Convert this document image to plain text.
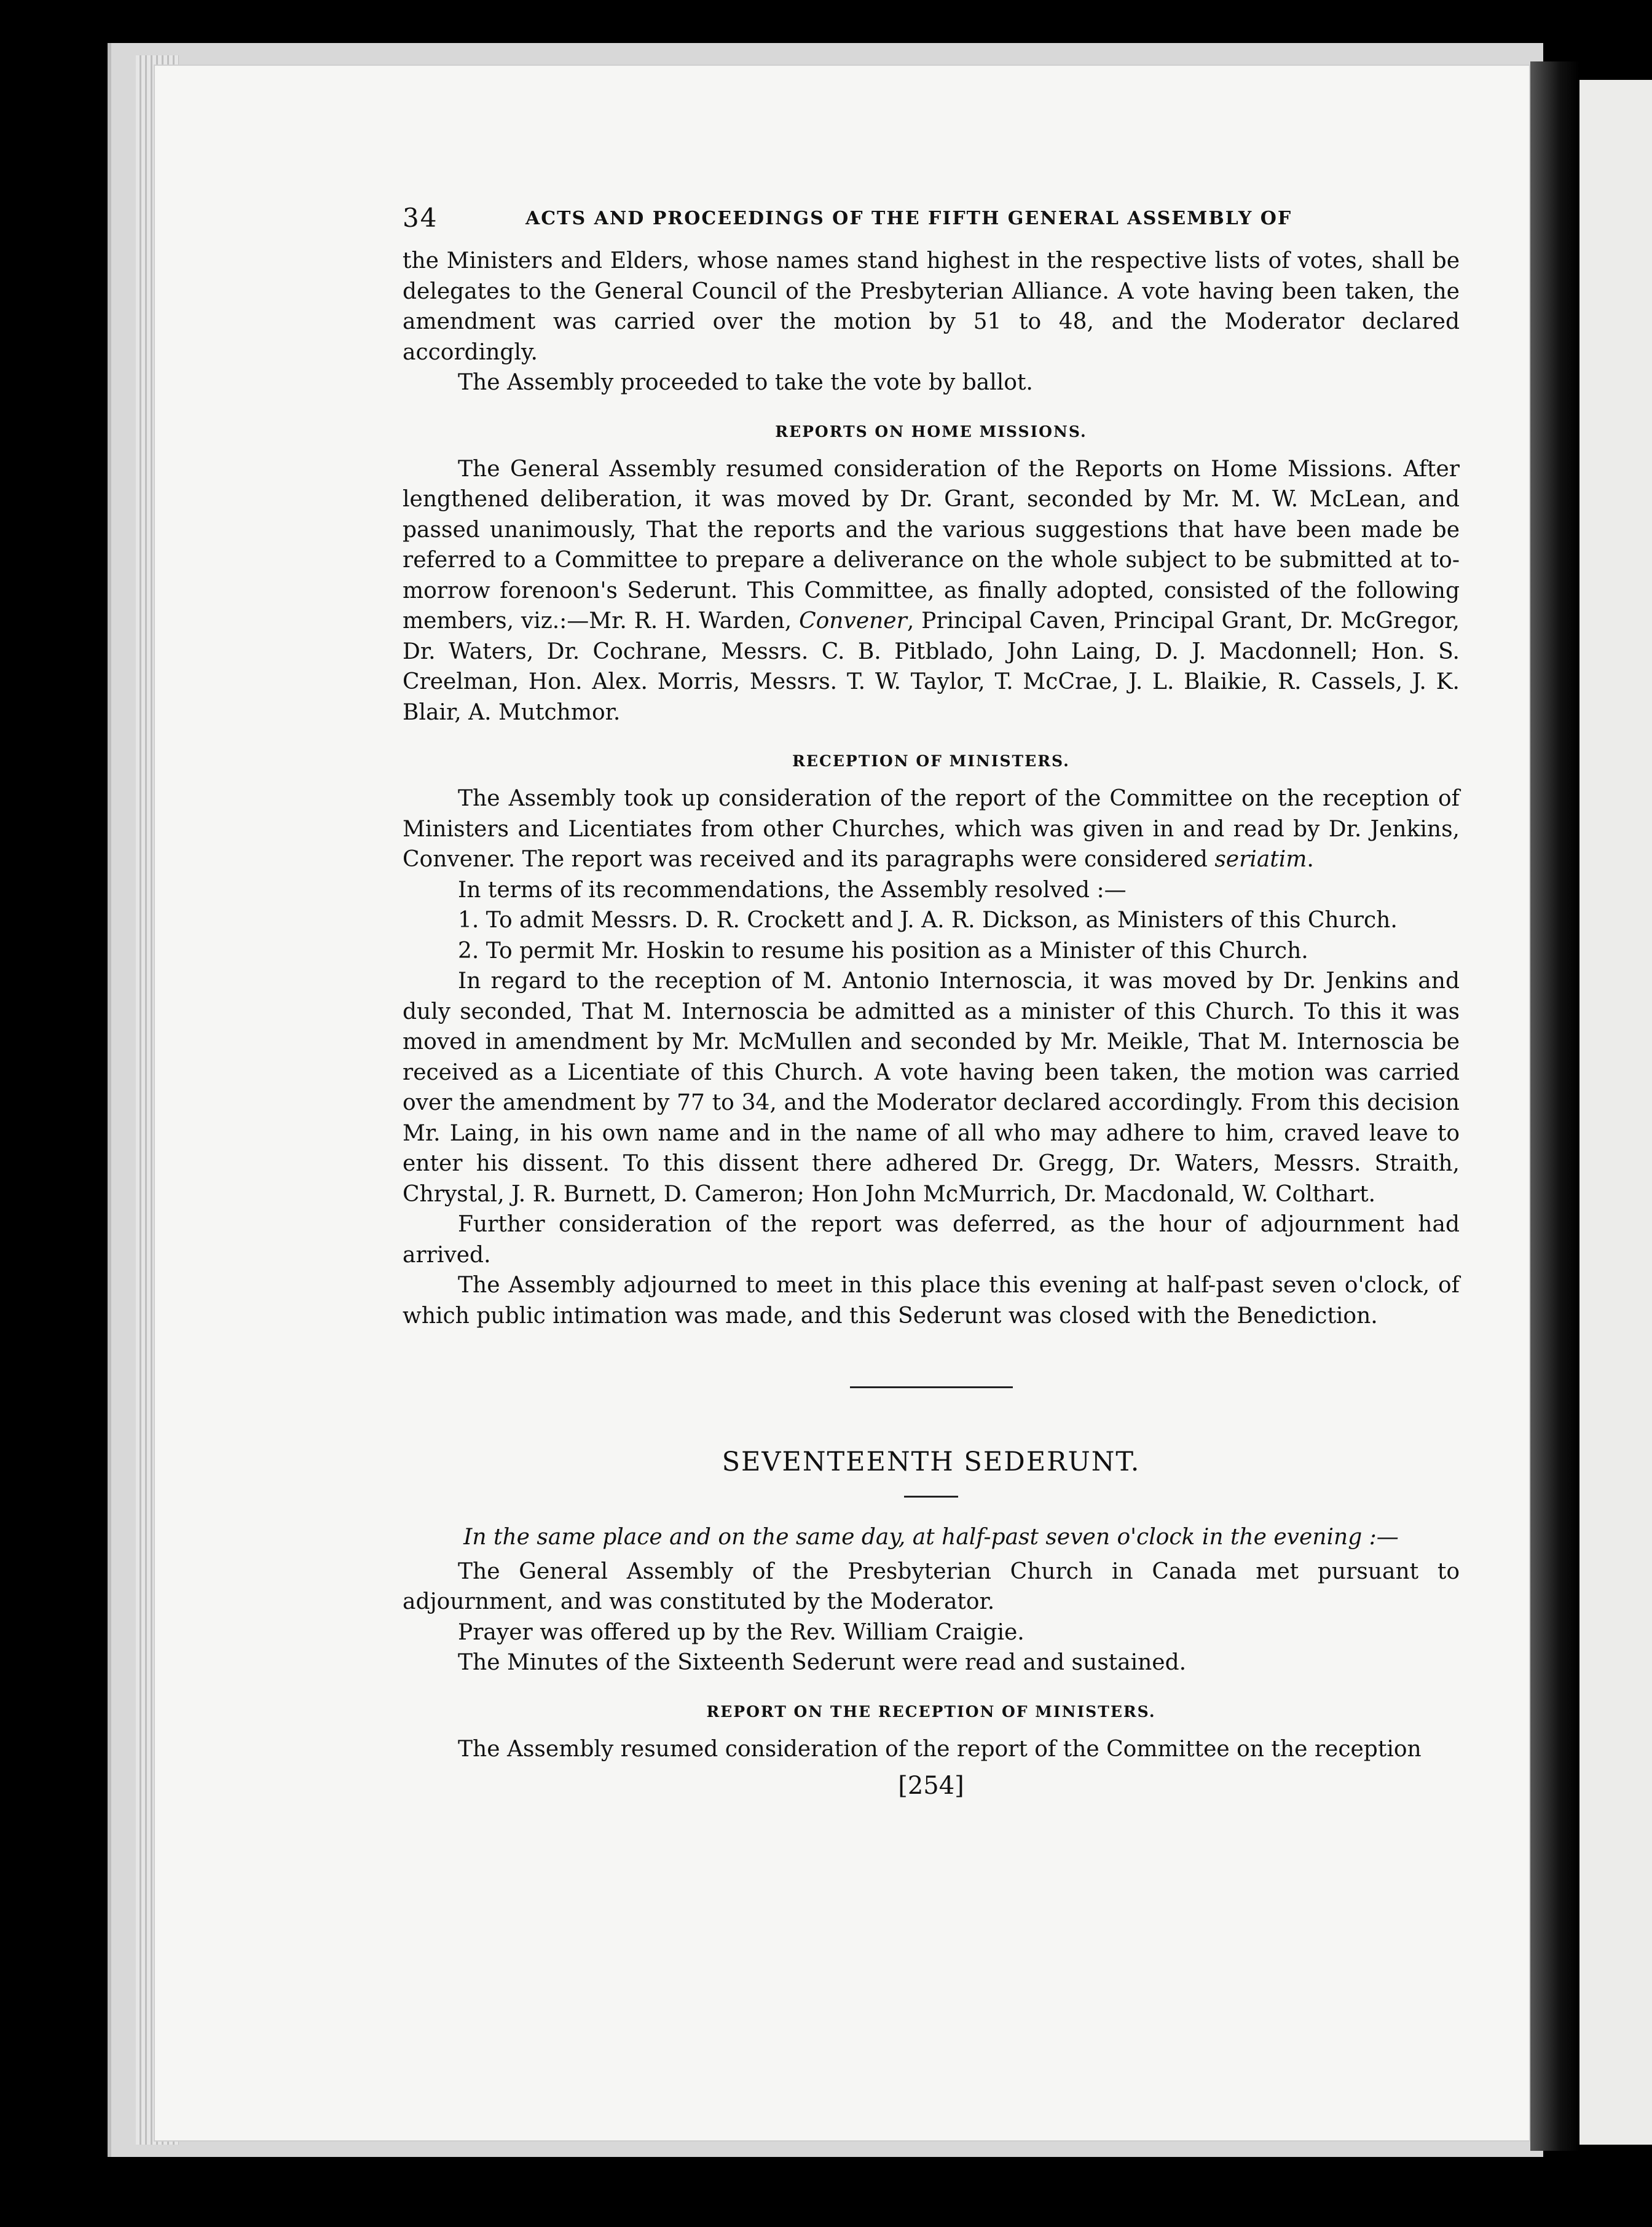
34	ACTS AND PROCEEDINGS OF THE FIFTH GENERAL ASSEMBLY OF

the Ministers and Elders, whose names stand highest in the respective lists of votes, shall be delegates to the General Council of the Presbyterian Alliance. A vote having been taken, the amendment was carried over the motion by 51 to 48, and the Moderator declared accordingly.

The Assembly proceeded to take the vote by ballot.

REPORTS ON HOME MISSIONS.

The General Assembly resumed consideration of the Reports on Home Missions. After lengthened deliberation, it was moved by Dr. Grant, seconded by Mr. M. W. McLean, and passed unanimously, That the reports and the various suggestions that have been made be referred to a Committee to prepare a deliverance on the whole subject to be submitted at to-morrow forenoon's Sederunt. This Committee, as finally adopted, consisted of the following members, viz.:—Mr. R. H. Warden, Convener, Principal Caven, Principal Grant, Dr. McGregor, Dr. Waters, Dr. Cochrane, Messrs. C. B. Pitblado, John Laing, D. J. Macdonnell; Hon. S. Creelman, Hon. Alex. Morris, Messrs. T. W. Taylor, T. McCrae, J. L. Blaikie, R. Cassels, J. K. Blair, A. Mutchmor.

RECEPTION OF MINISTERS.

The Assembly took up consideration of the report of the Committee on the reception of Ministers and Licentiates from other Churches, which was given in and read by Dr. Jenkins, Convener. The report was received and its paragraphs were considered seriatim.

In terms of its recommendations, the Assembly resolved :—

1. To admit Messrs. D. R. Crockett and J. A. R. Dickson, as Ministers of this Church.

2. To permit Mr. Hoskin to resume his position as a Minister of this Church.

In regard to the reception of M. Antonio Internoscia, it was moved by Dr. Jenkins and duly seconded, That M. Internoscia be admitted as a minister of this Church. To this it was moved in amendment by Mr. McMullen and seconded by Mr. Meikle, That M. Internoscia be received as a Licentiate of this Church. A vote having been taken, the motion was carried over the amendment by 77 to 34, and the Moderator declared accordingly. From this decision Mr. Laing, in his own name and in the name of all who may adhere to him, craved leave to enter his dissent. To this dissent there adhered Dr. Gregg, Dr. Waters, Messrs. Straith, Chrystal, J. R. Burnett, D. Cameron; Hon John McMurrich, Dr. Macdonald, W. Colthart.

Further consideration of the report was deferred, as the hour of adjournment had arrived.

The Assembly adjourned to meet in this place this evening at half-past seven o'clock, of which public intimation was made, and this Sederunt was closed with the Benediction.

SEVENTEENTH SEDERUNT.
In the same place and on the same day, at half-past seven o'clock in the evening :—

The General Assembly of the Presbyterian Church in Canada met pursuant to adjournment, and was constituted by the Moderator.

Prayer was offered up by the Rev. William Craigie.

The Minutes of the Sixteenth Sederunt were read and sustained.

REPORT ON THE RECEPTION OF MINISTERS.

The Assembly resumed consideration of the report of the Committee on the reception

[254]
